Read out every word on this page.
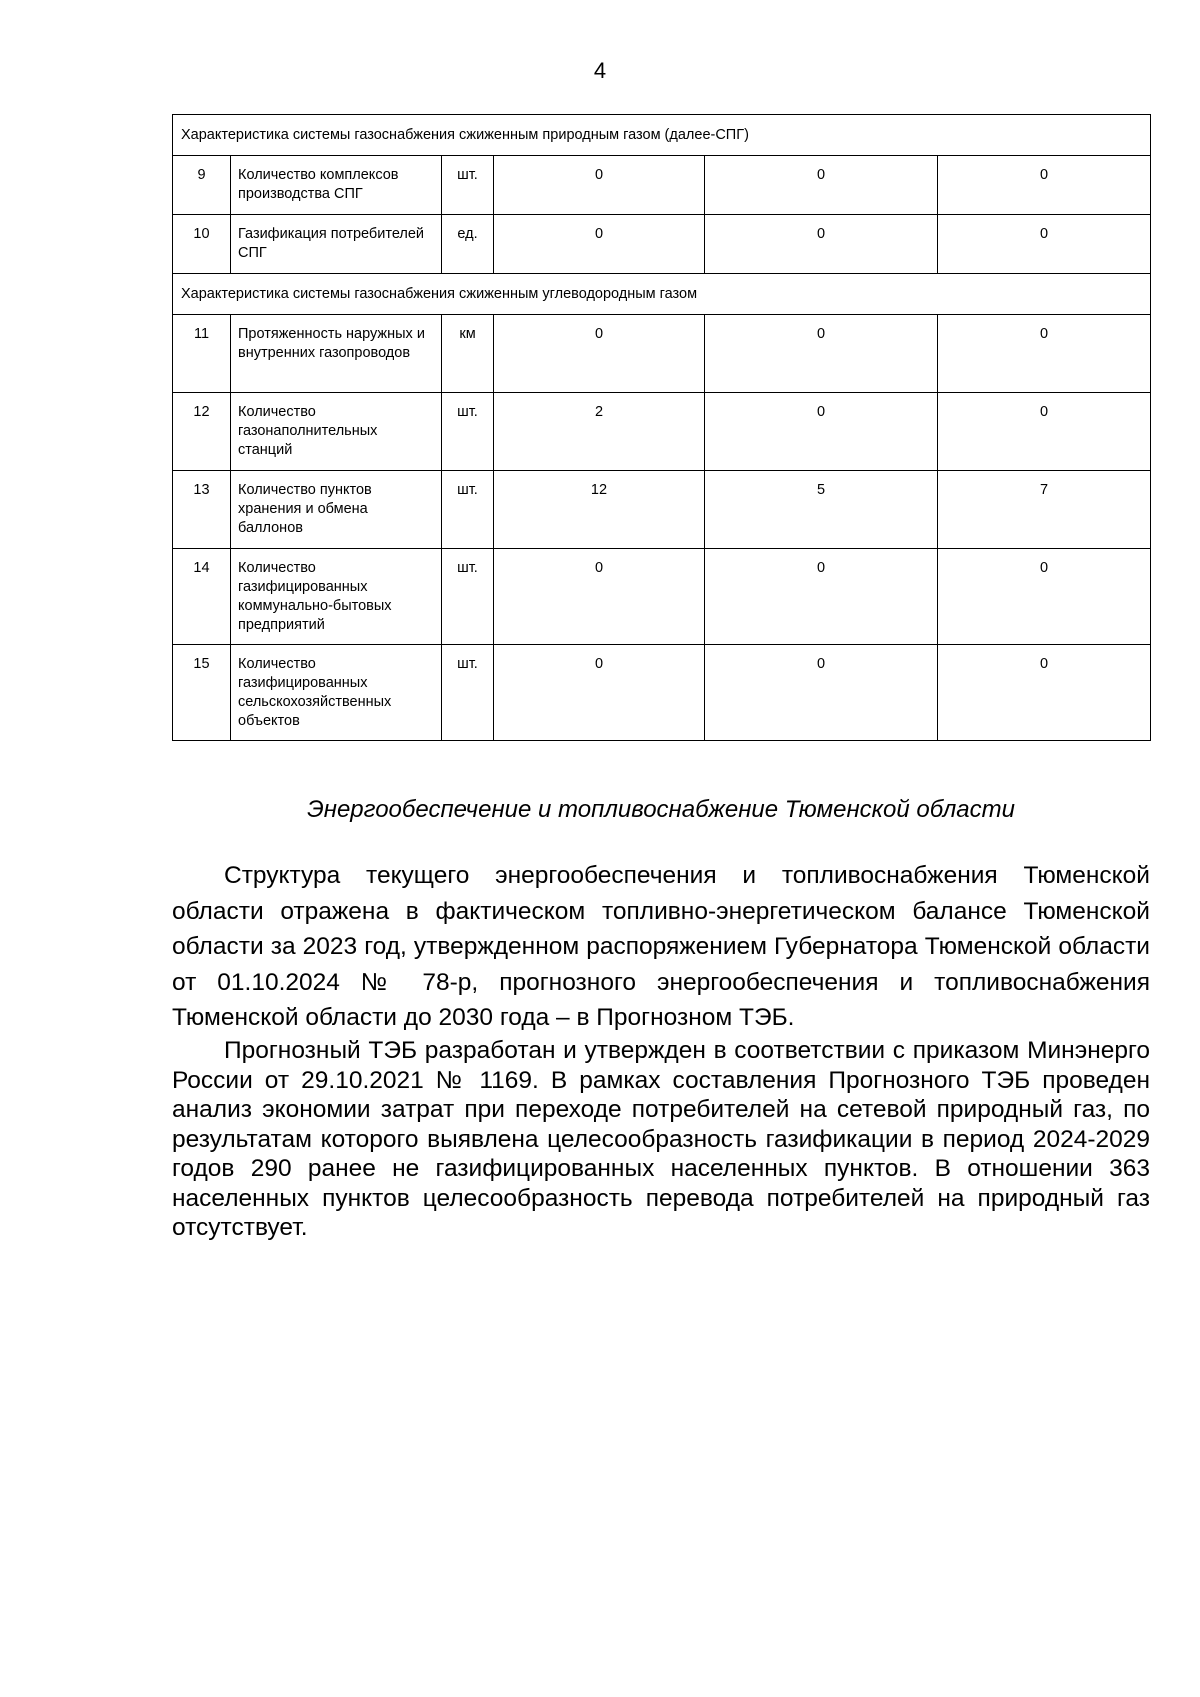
4
Характеристика системы газоснабжения сжиженным природным газом (далее-СПГ)					
9	Количество комплексов производства СПГ	шт.	0	0	0
10	Газификация потребителей СПГ	ед.	0	0	0
Характеристика системы газоснабжения сжиженным углеводородным газом					
11	Протяженность наружных и внутренних газопроводов	км	0	0	0
12	Количество газонаполнительных станций	шт.	2	0	0
13	Количество пунктов хранения и обмена баллонов	шт.	12	5	7
14	Количество газифицированных коммунально-бытовых предприятий	шт.	0	0	0
15	Количество газифицированных сельскохозяйственных объектов	шт.	0	0	0
Энергообеспечение и топливоснабжение Тюменской области

Структура текущего энергообеспечения и топливоснабжения Тюменской области отражена в фактическом топливно-энергетическом балансе Тюменской области за 2023 год, утвержденном распоряжением Губернатора Тюменской области от 01.10.2024 № 78-р, прогнозного энергообеспечения и топливоснабжения Тюменской области до 2030 года – в Прогнозном ТЭБ.

Прогнозный ТЭБ разработан и утвержден в соответствии с приказом Минэнерго России от 29.10.2021 № 1169. В рамках составления Прогнозного ТЭБ проведен анализ экономии затрат при переходе потребителей на сетевой природный газ, по результатам которого выявлена целесообразность газификации в период 2024-2029 годов 290 ранее не газифицированных населенных пунктов. В отношении 363 населенных пунктов целесообразность перевода потребителей на природный газ отсутствует.
